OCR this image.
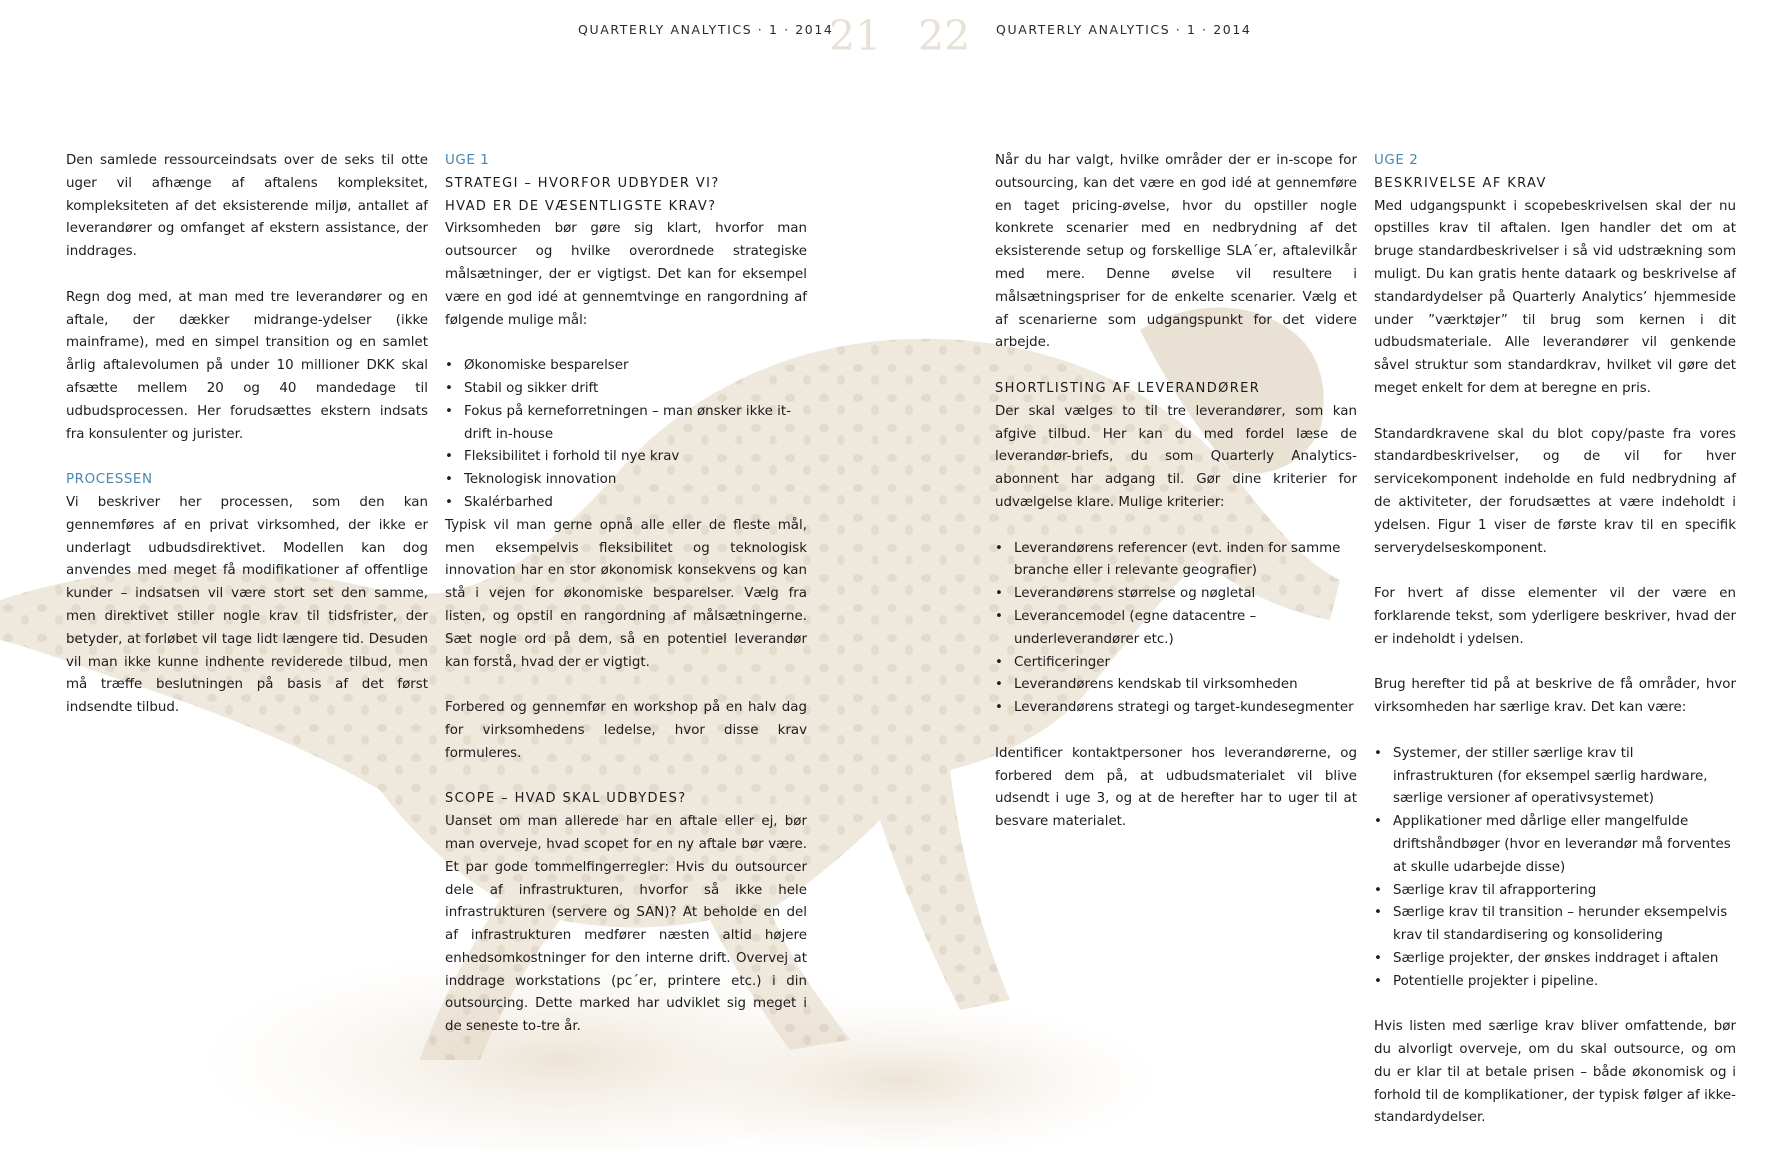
QUARTERLY ANALYTICS · 1 · 2014
21 22 QUARTERLY ANALYTICS · 1 · 2014

Den samlede ressourceindsats over de seks til otte uger vil afhænge af aftalens kompleksitet, kompleksiteten af det eksisterende miljø, antallet af leverandører og omfanget af ekstern assistance, der inddrages.

Regn dog med, at man med tre leverandører og en aftale, der dækker midrange-ydelser (ikke mainframe), med en simpel transition og en samlet årlig aftalevolumen på under 10 millioner DKK skal afsætte mellem 20 og 40 mandedage til udbudsprocessen. Her forudsættes ekstern indsats fra konsulenter og jurister.

PROCESSEN

Vi beskriver her processen, som den kan gennemføres af en privat virksomhed, der ikke er underlagt udbudsdirektivet. Modellen kan dog anvendes med meget få modifikationer af offentlige kunder – indsatsen vil være stort set den samme, men direktivet stiller nogle krav til tidsfrister, der betyder, at forløbet vil tage lidt længere tid. Desuden vil man ikke kunne indhente reviderede tilbud, men må træffe beslutningen på basis af det først indsendte tilbud.

UGE 1
STRATEGI – HVORFOR UDBYDER VI?
HVAD ER DE VÆSENTLIGSTE KRAV?

Virksomheden bør gøre sig klart, hvorfor man outsourcer og hvilke overordnede strategiske målsætninger, der er vigtigst. Det kan for eksempel være en god idé at gennemtvinge en rangordning af følgende mulige mål:

• Økonomiske besparelser
• Stabil og sikker drift
• Fokus på kerneforretningen – man ønsker ikke it-drift in-house
• Fleksibilitet i forhold til nye krav
• Teknologisk innovation
• Skalérbarhed

Typisk vil man gerne opnå alle eller de fleste mål, men eksempelvis fleksibilitet og teknologisk innovation har en stor økonomisk konsekvens og kan stå i vejen for økonomiske besparelser. Vælg fra listen, og opstil en rangordning af målsætningerne. Sæt nogle ord på dem, så en potentiel leverandør kan forstå, hvad der er vigtigt.

Forbered og gennemfør en workshop på en halv dag for virksomhedens ledelse, hvor disse krav formuleres.

SCOPE – HVAD SKAL UDBYDES?

Uanset om man allerede har en aftale eller ej, bør man overveje, hvad scopet for en ny aftale bør være. Et par gode tommelfingerregler: Hvis du outsourcer dele af infrastrukturen, hvorfor så ikke hele infrastrukturen (servere og SAN)? At beholde en del af infrastrukturen medfører næsten altid højere enhedsomkostninger for den interne drift. Overvej at inddrage workstations (pc´er, printere etc.) i din outsourcing. Dette marked har udviklet sig meget i de seneste to-tre år.

Når du har valgt, hvilke områder der er in-scope for outsourcing, kan det være en god idé at gennemføre en taget pricing-øvelse, hvor du opstiller nogle konkrete scenarier med en nedbrydning af det eksisterende setup og forskellige SLA´er, aftalevilkår med mere. Denne øvelse vil resultere i målsætningspriser for de enkelte scenarier. Vælg et af scenarierne som udgangspunkt for det videre arbejde.

SHORTLISTING AF LEVERANDØRER

Der skal vælges to til tre leverandører, som kan afgive tilbud. Her kan du med fordel læse de leverandør-briefs, du som Quarterly Analytics-abonnent har adgang til. Gør dine kriterier for udvælgelse klare. Mulige kriterier:

• Leverandørens referencer (evt. inden for samme branche eller i relevante geografier)
• Leverandørens størrelse og nøgletal
• Leverancemodel (egne datacentre – underleverandører etc.)
• Certificeringer
• Leverandørens kendskab til virksomheden
• Leverandørens strategi og target-kundesegmenter

Identificer kontaktpersoner hos leverandørerne, og forbered dem på, at udbudsmaterialet vil blive udsendt i uge 3, og at de herefter har to uger til at besvare materialet.

UGE 2
BESKRIVELSE AF KRAV

Med udgangspunkt i scopebeskrivelsen skal der nu opstilles krav til aftalen. Igen handler det om at bruge standardbeskrivelser i så vid udstrækning som muligt. Du kan gratis hente dataark og beskrivelse af standardydelser på Quarterly Analytics’ hjemmeside under ”værktøjer” til brug som kernen i dit udbudsmateriale. Alle leverandører vil genkende såvel struktur som standardkrav, hvilket vil gøre det meget enkelt for dem at beregne en pris.

Standardkravene skal du blot copy/paste fra vores standardbeskrivelser, og de vil for hver servicekomponent indeholde en fuld nedbrydning af de aktiviteter, der forudsættes at være indeholdt i ydelsen. Figur 1 viser de første krav til en specifik serverydelseskomponent.

For hvert af disse elementer vil der være en forklarende tekst, som yderligere beskriver, hvad der er indeholdt i ydelsen.

Brug herefter tid på at beskrive de få områder, hvor virksomheden har særlige krav. Det kan være:

• Systemer, der stiller særlige krav til infrastrukturen (for eksempel særlig hardware, særlige versioner af operativsystemet)
• Applikationer med dårlige eller mangelfulde driftshåndbøger (hvor en leverandør må forventes at skulle udarbejde disse)
• Særlige krav til afrapportering
• Særlige krav til transition – herunder eksempelvis krav til standardisering og konsolidering
• Særlige projekter, der ønskes inddraget i aftalen
• Potentielle projekter i pipeline.

Hvis listen med særlige krav bliver omfattende, bør du alvorligt overveje, om du skal outsource, og om du er klar til at betale prisen – både økonomisk og i forhold til de komplikationer, der typisk følger af ikke-standardydelser.
